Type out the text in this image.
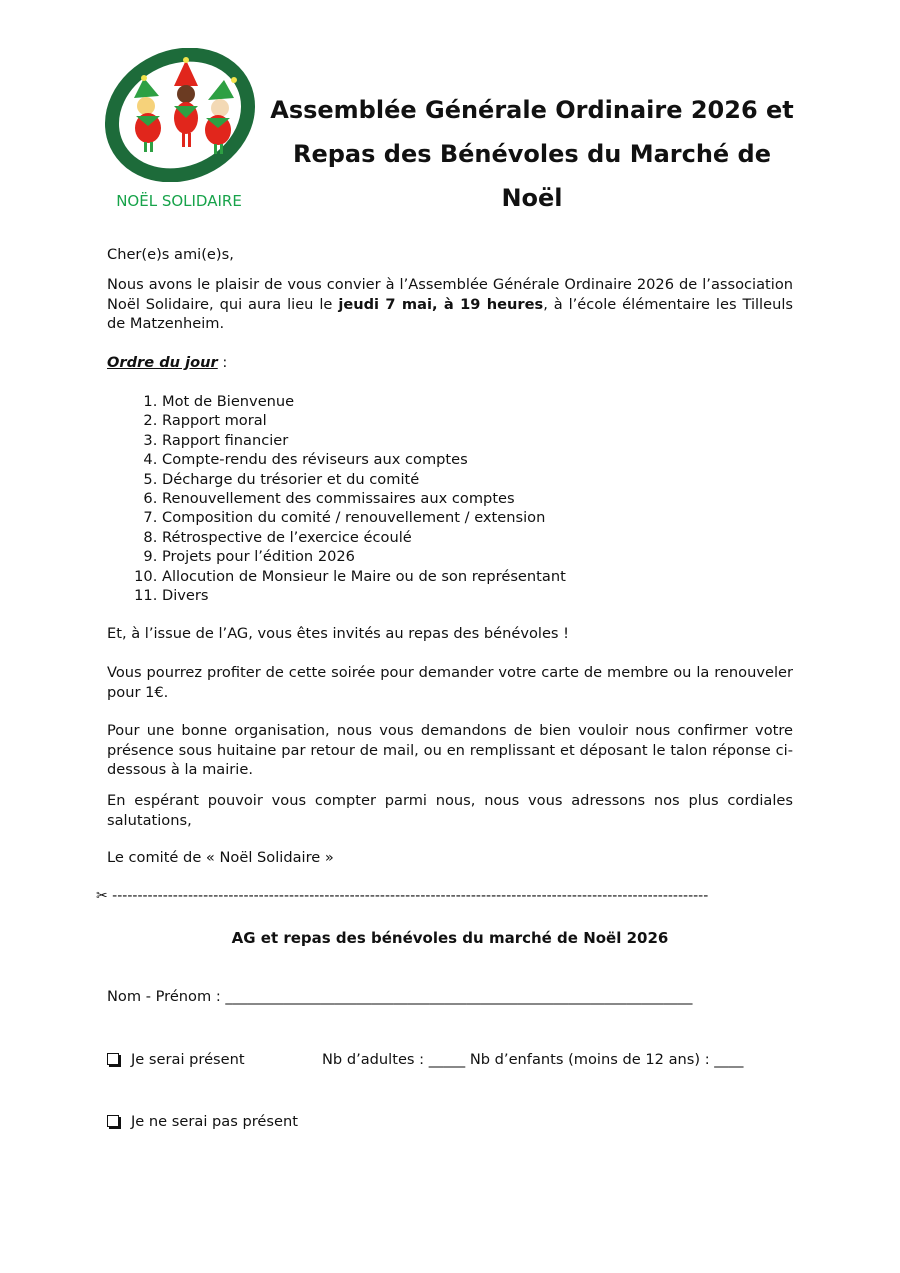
NOËL SOLIDAIRE
Assemblée Générale Ordinaire 2026 et
Repas des Bénévoles du Marché de Noël
Cher(e)s ami(e)s,
Nous avons le plaisir de vous convier à l’Assemblée Générale Ordinaire 2026 de l’association Noël Solidaire, qui aura lieu le jeudi 7 mai, à 19 heures, à l’école élémentaire les Tilleuls de Matzenheim.
Ordre du jour :
1. Mot de Bienvenue
2. Rapport moral
3. Rapport financier
4. Compte-rendu des réviseurs aux comptes
5. Décharge du trésorier et du comité
6. Renouvellement des commissaires aux comptes
7. Composition du comité / renouvellement / extension
8. Rétrospective de l’exercice écoulé
9. Projets pour l’édition 2026
10. Allocution de Monsieur le Maire ou de son représentant
11. Divers
Et, à l’issue de l’AG, vous êtes invités au repas des bénévoles !
Vous pourrez profiter de cette soirée pour demander votre carte de membre ou la renouveler pour 1€.
Pour une bonne organisation, nous vous demandons de bien vouloir nous confirmer votre présence sous huitaine par retour de mail, ou en remplissant et déposant le talon réponse ci-dessous à la mairie.
En espérant pouvoir vous compter parmi nous, nous vous adressons nos plus cordiales salutations,
Le comité de « Noël Solidaire »
✂ ----------------------------------------------------------------------------------------------------------------------
AG et repas des bénévoles du marché de Noël 2026
Nom - Prénom : ________________________________________________________________
Je serai présent	Nb d’adultes : _____ Nb d’enfants (moins de 12 ans) : ____
Je ne serai pas présent
